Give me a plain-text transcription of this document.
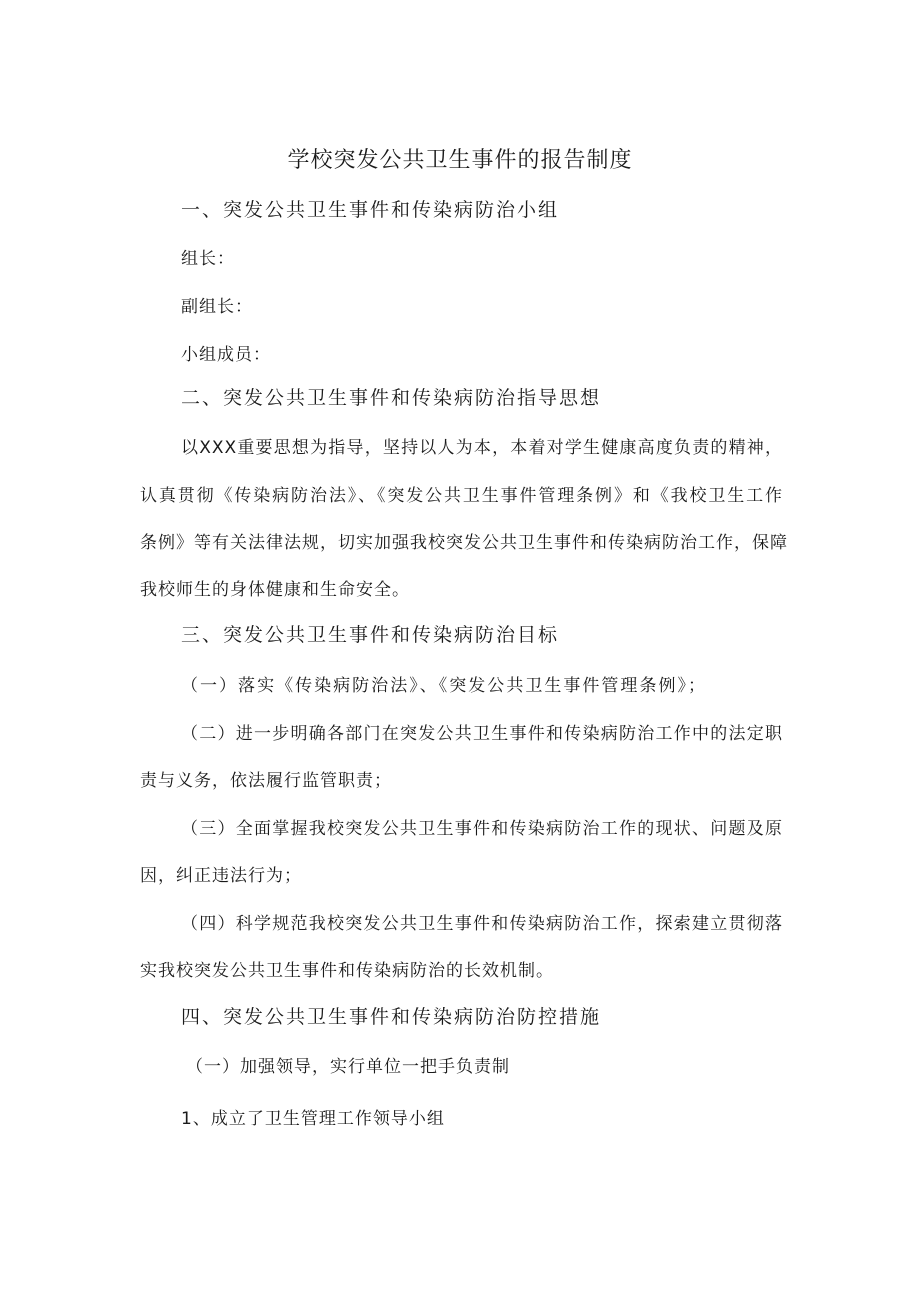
学校突发公共卫生事件的报告制度
一、突发公共卫生事件和传染病防治小组
组长：
副组长：
小组成员：
二、突发公共卫生事件和传染病防治指导思想
以XXX重要思想为指导，坚持以人为本，本着对学生健康高度负责的精神，
认真贯彻《传染病防治法》、《突发公共卫生事件管理条例》和《我校卫生工作
条例》等有关法律法规，切实加强我校突发公共卫生事件和传染病防治工作，保障
我校师生的身体健康和生命安全。
三、突发公共卫生事件和传染病防治目标
（一）落实《传染病防治法》、《突发公共卫生事件管理条例》；
（二）进一步明确各部门在突发公共卫生事件和传染病防治工作中的法定职
责与义务，依法履行监管职责；
（三）全面掌握我校突发公共卫生事件和传染病防治工作的现状、问题及原
因，纠正违法行为；
（四）科学规范我校突发公共卫生事件和传染病防治工作，探索建立贯彻落
实我校突发公共卫生事件和传染病防治的长效机制。
四、突发公共卫生事件和传染病防治防控措施
（一）加强领导，实行单位一把手负责制
1、成立了卫生管理工作领导小组
